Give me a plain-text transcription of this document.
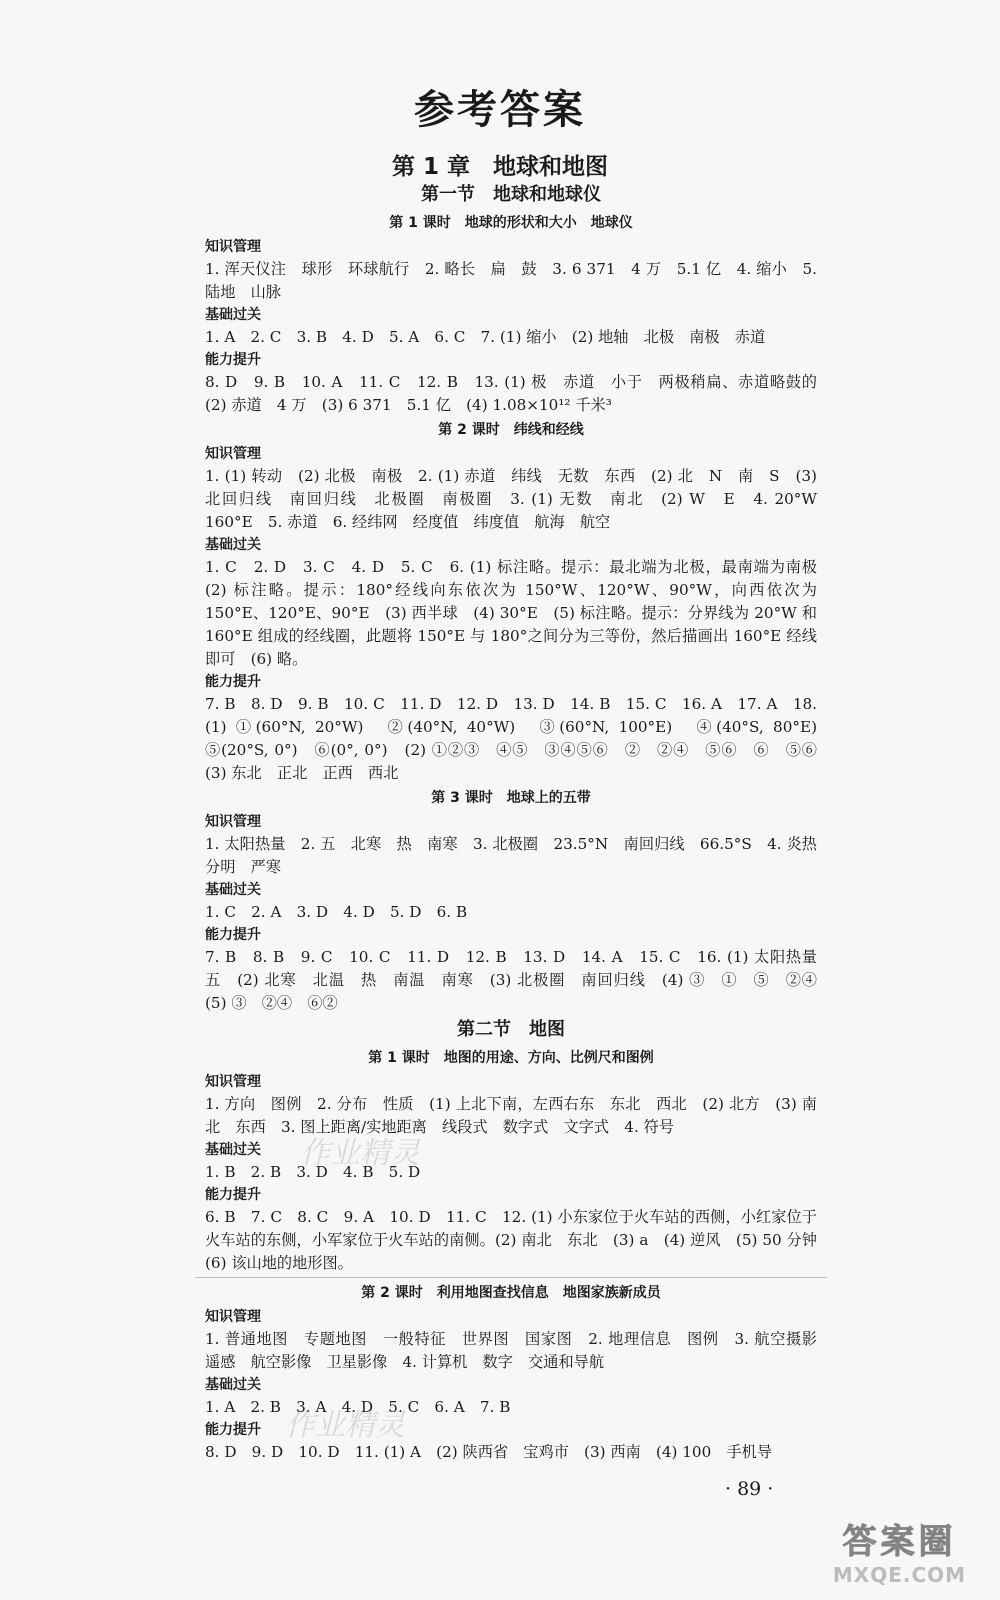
参考答案
第 1 章　地球和地图
第一节　地球和地球仪
第 1 课时　地球的形状和大小　地球仪
知识管理
1. 浑天仪注　球形　环球航行　2. 略长　扁　鼓　3. 6 371　4 万　5.1 亿　4. 缩小　5. 陆地　山脉
基础过关
1. A　2. C　3. B　4. D　5. A　6. C　7. (1) 缩小　(2) 地轴　北极　南极　赤道
能力提升
8. D　9. B　10. A　11. C　12. B　13. (1) 极　赤道　小于　两极稍扁、赤道略鼓的　(2) 赤道　4 万　(3) 6 371　5.1 亿　(4) 1.08×10¹² 千米³
第 2 课时　纬线和经线
知识管理
1. (1) 转动　(2) 北极　南极　2. (1) 赤道　纬线　无数　东西　(2) 北　N　南　S　(3) 北回归线　南回归线　北极圈　南极圈　3. (1) 无数　南北　(2) W　E　4. 20°W　160°E　5. 赤道　6. 经纬网　经度值　纬度值　航海　航空
基础过关
1. C　2. D　3. C　4. D　5. C　6. (1) 标注略。提示：最北端为北极，最南端为南极　(2) 标注略。提示：180°经线向东依次为 150°W、120°W、90°W，向西依次为 150°E、120°E、90°E　(3) 西半球　(4) 30°E　(5) 标注略。提示：分界线为 20°W 和 160°E 组成的经线圈，此题将 150°E 与 180°之间分为三等份，然后描画出 160°E 经线即可　(6) 略。
能力提升
7. B　8. D　9. B　10. C　11. D　12. D　13. D　14. B　15. C　16. A　17. A　18. (1) ①(60°N, 20°W)　②(40°N, 40°W)　③(60°N, 100°E)　④(40°S, 80°E)　⑤(20°S, 0°)　⑥(0°, 0°)　(2) ①②③　④⑤　③④⑤⑥　②　②④　⑤⑥　⑥　⑤⑥　(3) 东北　正北　正西　西北
第 3 课时　地球上的五带
知识管理
1. 太阳热量　2. 五　北寒　热　南寒　3. 北极圈　23.5°N　南回归线　66.5°S　4. 炎热　分明　严寒
基础过关
1. C　2. A　3. D　4. D　5. D　6. B
能力提升
7. B　8. B　9. C　10. C　11. D　12. B　13. D　14. A　15. C　16. (1) 太阳热量　五　(2) 北寒　北温　热　南温　南寒　(3) 北极圈　南回归线　(4) ③　①　⑤　②④　(5) ③　②④　⑥②
第二节　地图
第 1 课时　地图的用途、方向、比例尺和图例
知识管理
1. 方向　图例　2. 分布　性质　(1) 上北下南，左西右东　东北　西北　(2) 北方　(3) 南北　东西　3. 图上距离/实地距离　线段式　数字式　文字式　4. 符号
基础过关
1. B　2. B　3. D　4. B　5. D
能力提升
6. B　7. C　8. C　9. A　10. D　11. C　12. (1) 小东家位于火车站的西侧，小红家位于火车站的东侧，小军家位于火车站的南侧。(2) 南北　东北　(3) a　(4) 逆风　(5) 50 分钟　(6) 该山地的地形图。
第 2 课时　利用地图查找信息　地图家族新成员
知识管理
1. 普通地图　专题地图　一般特征　世界图　国家图　2. 地理信息　图例　3. 航空摄影　遥感　航空影像　卫星影像　4. 计算机　数字　交通和导航
基础过关
1. A　2. B　3. A　4. D　5. C　6. A　7. B
能力提升
8. D　9. D　10. D　11. (1) A　(2) 陕西省　宝鸡市　(3) 西南　(4) 100　手机导
作业精灵
作业精灵
· 89 ·
答案圈
MXQE.COM
